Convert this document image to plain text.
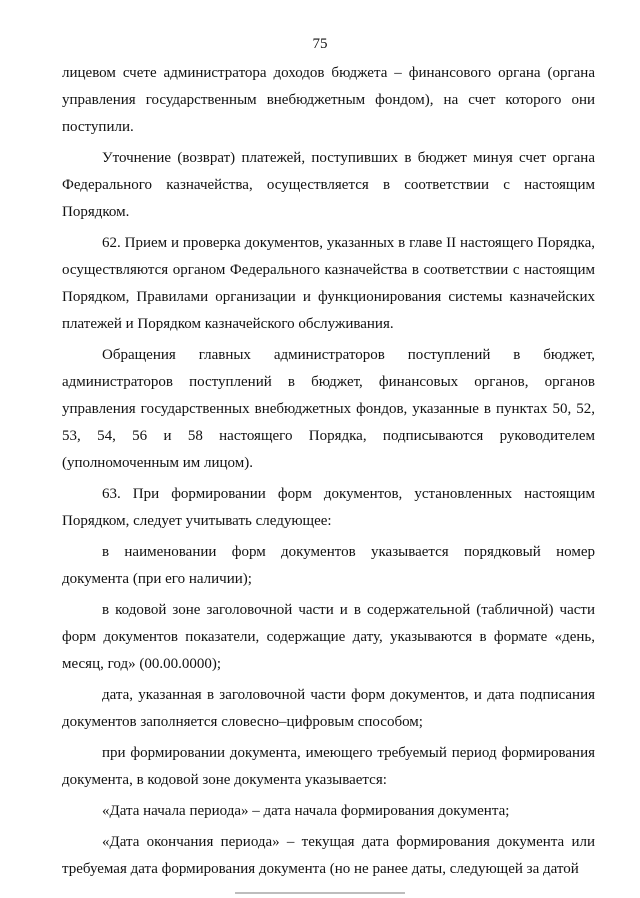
75

лицевом счете администратора доходов бюджета – финансового органа (органа управления государственным внебюджетным фондом), на счет которого они поступили.

Уточнение (возврат) платежей, поступивших в бюджет минуя счет органа Федерального казначейства, осуществляется в соответствии с настоящим Порядком.

62. Прием и проверка документов, указанных в главе II настоящего Порядка, осуществляются органом Федерального казначейства в соответствии с настоящим Порядком, Правилами организации и функционирования системы казначейских платежей и Порядком казначейского обслуживания.

Обращения главных администраторов поступлений в бюджет, администраторов поступлений в бюджет, финансовых органов, органов управления государственных внебюджетных фондов, указанные в пунктах 50, 52, 53, 54, 56 и 58 настоящего Порядка, подписываются руководителем (уполномоченным им лицом).

63. При формировании форм документов, установленных настоящим Порядком, следует учитывать следующее:

в наименовании форм документов указывается порядковый номер документа (при его наличии);

в кодовой зоне заголовочной части и в содержательной (табличной) части форм документов показатели, содержащие дату, указываются в формате «день, месяц, год» (00.00.0000);

дата, указанная в заголовочной части форм документов, и дата подписания документов заполняется словесно–цифровым способом;

при формировании документа, имеющего требуемый период формирования документа, в кодовой зоне документа указывается:

«Дата начала периода» – дата начала формирования документа;

«Дата окончания периода» – текущая дата формирования документа или требуемая дата формирования документа (но не ранее даты, следующей за датой
